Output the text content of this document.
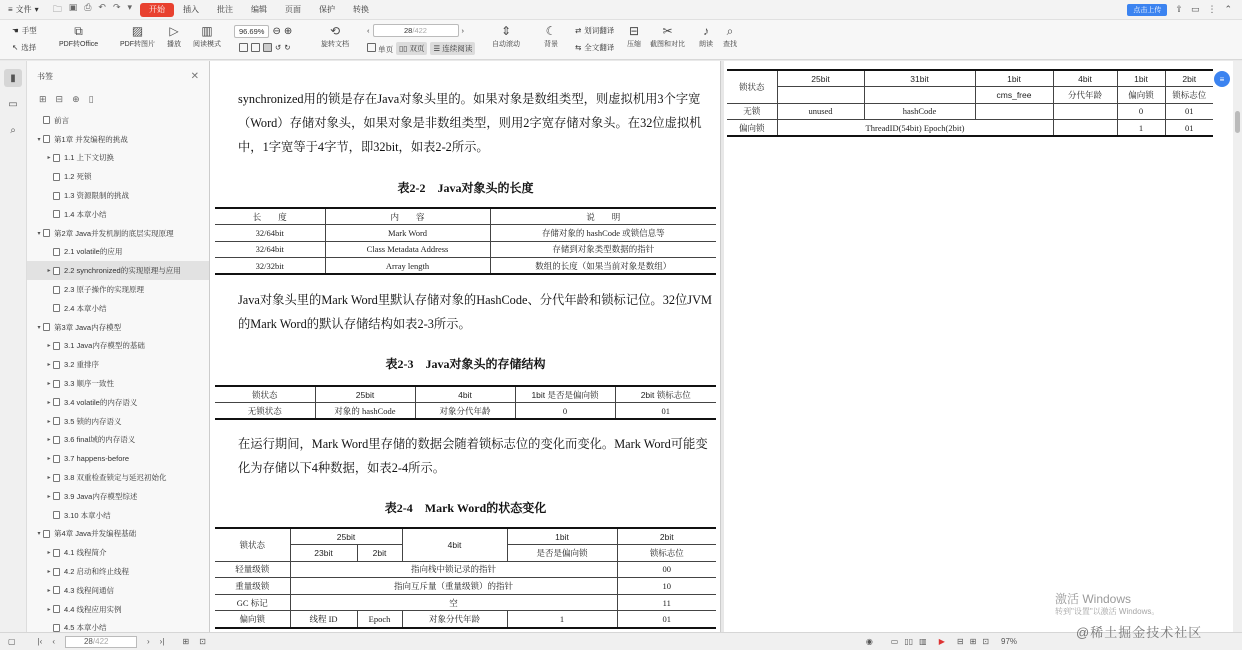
≡ 文件 ▾ 🗀 ▣ ⎙ ↶ ↷ ▾	开始	插入	批注	编辑	页面	保护	转换	点击上传	⇪ ▭ ⋮ ⌃
☚ 手型
↖ 选择
⧉
PDF转Office
▨
PDF转图片
▷
播放
▥
阅读模式
96.69% ⊖ ⊕
↺ ↻
⟲
旋转文档
‹	28 /422	›
单页 ▯▯ 双页	☰ 连续阅读
⇕
自动滚动
☾
背景
⇄ 划词翻译
⇆ 全文翻译
⊟
压缩
✂
截图和对比
♪
朗读
⌕
查找
▮
▭
⌕
书签	✕
⊞ ⊟ ⊕ ▯
前言
▾	第1章 并发编程的挑战
▸	1.1 上下文切换
1.2 死锁
1.3 资源限制的挑战
1.4 本章小结
▾	第2章 Java并发机制的底层实现原理
2.1 volatile的应用
▸	2.2 synchronized的实现原理与应用
2.3 原子操作的实现原理
2.4 本章小结
▾	第3章 Java内存模型
▸	3.1 Java内存模型的基础
▸	3.2 重排序
▸	3.3 顺序一致性
▸	3.4 volatile的内存语义
▸	3.5 锁的内存语义
▸	3.6 final域的内存语义
▸	3.7 happens-before
▸	3.8 双重检查锁定与延迟初始化
▸	3.9 Java内存模型综述
3.10 本章小结
▾	第4章 Java并发编程基础
▸	4.1 线程简介
▸	4.2 启动和终止线程
▸	4.3 线程间通信
▸	4.4 线程应用实例
4.5 本章小结
synchronized用的锁是存在Java对象头里的。如果对象是数组类型，则虚拟机用3个字宽（Word）存储对象头，如果对象是非数组类型，则用2字宽存储对象头。在32位虚拟机中，1字宽等于4字节，即32bit，如表2-2所示。
表2-2　Java对象头的长度
长　　度	内　　容	说　　明
32/64bit	Mark Word	存储对象的 hashCode 或锁信息等
32/64bit	Class Metadata Address	存储到对象类型数据的指针
32/32bit	Array length	数组的长度（如果当前对象是数组）
Java对象头里的Mark Word里默认存储对象的HashCode、分代年龄和锁标记位。32位JVM的Mark Word的默认存储结构如表2-3所示。
表2-3　Java对象头的存储结构
锁状态	25bit	4bit	1bit 是否是偏向锁	2bit 锁标志位
无锁状态	对象的 hashCode	对象分代年龄	0	01
在运行期间，Mark Word里存储的数据会随着锁标志位的变化而变化。Mark Word可能变化为存储以下4种数据，如表2-4所示。
表2-4　Mark Word的状态变化
锁状态	25bit		4bit	1bit	2bit
	23bit	2bit		是否是偏向锁	锁标志位
轻量级锁	指向栈中锁记录的指针				00
重量级锁	指向互斥量（重量级锁）的指针				10
GC 标记	空				11
偏向锁	线程 ID	Epoch	对象分代年龄	1	01
锁状态	25bit	31bit	1bit	4bit	1bit	2bit
			cms_free	分代年龄	偏向锁	锁标志位
无锁	unused	hashCode			0	01
偏向锁	ThreadID(54bit) Epoch(2bit)				1	01
≡
▢	|‹ ‹	28 /422	› ›| ⊞ ⊡	◉ ▭ ▯▯ ▥ ▶ ⊟ ⊞ ⊡ 97%
激活 Windows
转到"设置"以激活 Windows。
@稀土掘金技术社区
